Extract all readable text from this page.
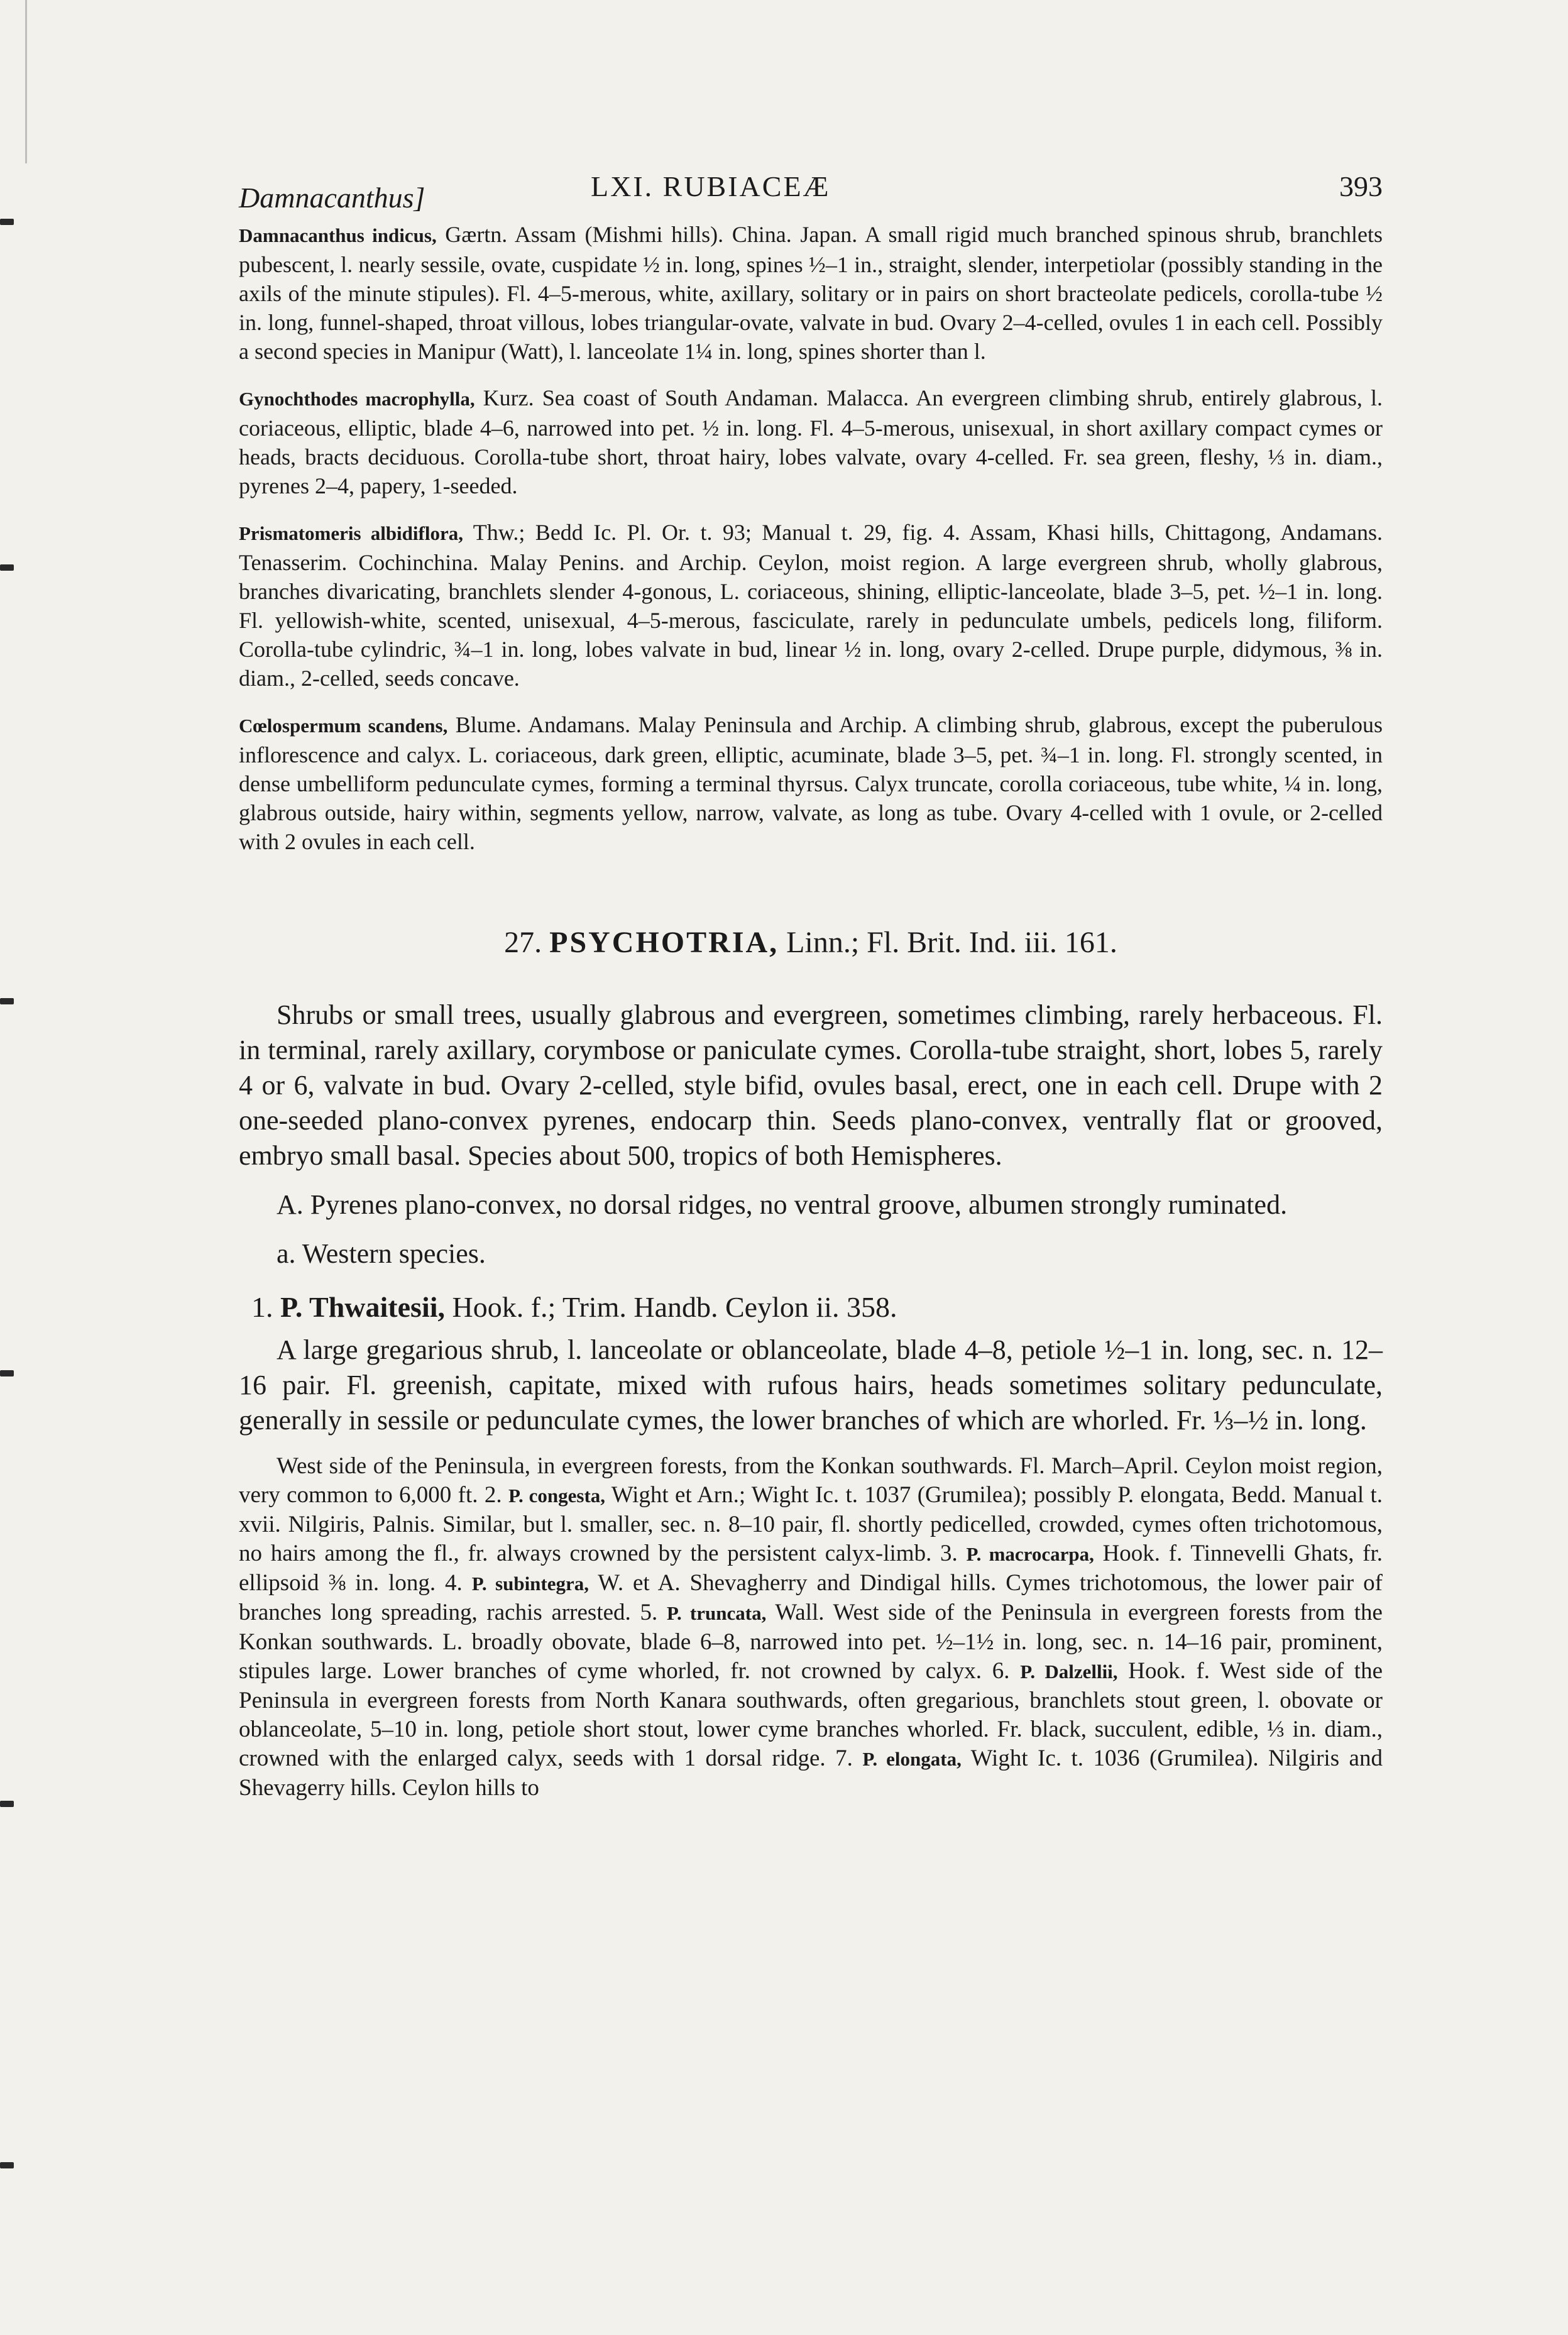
Damnacanthus]	LXI. RUBIACEÆ	393

Damnacanthus indicus, Gærtn. Assam (Mishmi hills). China. Japan. A small rigid much branched spinous shrub, branchlets pubescent, l. nearly sessile, ovate, cuspidate ½ in. long, spines ½–1 in., straight, slender, interpetiolar (possibly standing in the axils of the minute stipules). Fl. 4–5-merous, white, axillary, solitary or in pairs on short bracteolate pedicels, corolla-tube ½ in. long, funnel-shaped, throat villous, lobes triangular-ovate, valvate in bud. Ovary 2–4-celled, ovules 1 in each cell. Possibly a second species in Manipur (Watt), l. lanceolate 1¼ in. long, spines shorter than l.

Gynochthodes macrophylla, Kurz. Sea coast of South Andaman. Malacca. An evergreen climbing shrub, entirely glabrous, l. coriaceous, elliptic, blade 4–6, narrowed into pet. ½ in. long. Fl. 4–5-merous, unisexual, in short axillary compact cymes or heads, bracts deciduous. Corolla-tube short, throat hairy, lobes valvate, ovary 4-celled. Fr. sea green, fleshy, ⅓ in. diam., pyrenes 2–4, papery, 1-seeded.

Prismatomeris albidiflora, Thw.; Bedd Ic. Pl. Or. t. 93; Manual t. 29, fig. 4. Assam, Khasi hills, Chittagong, Andamans. Tenasserim. Cochinchina. Malay Penins. and Archip. Ceylon, moist region. A large evergreen shrub, wholly glabrous, branches divaricating, branchlets slender 4-gonous, L. coriaceous, shining, elliptic-lanceolate, blade 3–5, pet. ½–1 in. long. Fl. yellowish-white, scented, unisexual, 4–5-merous, fasciculate, rarely in pedunculate umbels, pedicels long, filiform. Corolla-tube cylindric, ¾–1 in. long, lobes valvate in bud, linear ½ in. long, ovary 2-celled. Drupe purple, didymous, ⅜ in. diam., 2-celled, seeds concave.

Cœlospermum scandens, Blume. Andamans. Malay Peninsula and Archip. A climbing shrub, glabrous, except the puberulous inflorescence and calyx. L. coriaceous, dark green, elliptic, acuminate, blade 3–5, pet. ¾–1 in. long. Fl. strongly scented, in dense umbelliform pedunculate cymes, forming a terminal thyrsus. Calyx truncate, corolla coriaceous, tube white, ¼ in. long, glabrous outside, hairy within, segments yellow, narrow, valvate, as long as tube. Ovary 4-celled with 1 ovule, or 2-celled with 2 ovules in each cell.

27. PSYCHOTRIA, Linn.; Fl. Brit. Ind. iii. 161.

Shrubs or small trees, usually glabrous and evergreen, sometimes climbing, rarely herbaceous. Fl. in terminal, rarely axillary, corymbose or paniculate cymes. Corolla-tube straight, short, lobes 5, rarely 4 or 6, valvate in bud. Ovary 2-celled, style bifid, ovules basal, erect, one in each cell. Drupe with 2 one-seeded plano-convex pyrenes, endocarp thin. Seeds plano-convex, ventrally flat or grooved, embryo small basal. Species about 500, tropics of both Hemispheres.

A. Pyrenes plano-convex, no dorsal ridges, no ventral groove, albumen strongly ruminated.

a. Western species.

1. P. Thwaitesii, Hook. f.; Trim. Handb. Ceylon ii. 358.

A large gregarious shrub, l. lanceolate or oblanceolate, blade 4–8, petiole ½–1 in. long, sec. n. 12–16 pair. Fl. greenish, capitate, mixed with rufous hairs, heads sometimes solitary pedunculate, generally in sessile or pedunculate cymes, the lower branches of which are whorled. Fr. ⅓–½ in. long.

West side of the Peninsula, in evergreen forests, from the Konkan southwards. Fl. March–April. Ceylon moist region, very common to 6,000 ft. 2. P. congesta, Wight et Arn.; Wight Ic. t. 1037 (Grumilea); possibly P. elongata, Bedd. Manual t. xvii. Nilgiris, Palnis. Similar, but l. smaller, sec. n. 8–10 pair, fl. shortly pedicelled, crowded, cymes often trichotomous, no hairs among the fl., fr. always crowned by the persistent calyx-limb. 3. P. macrocarpa, Hook. f. Tinnevelli Ghats, fr. ellipsoid ⅜ in. long. 4. P. subintegra, W. et A. Shevagherry and Dindigal hills. Cymes trichotomous, the lower pair of branches long spreading, rachis arrested. 5. P. truncata, Wall. West side of the Peninsula in evergreen forests from the Konkan southwards. L. broadly obovate, blade 6–8, narrowed into pet. ½–1½ in. long, sec. n. 14–16 pair, prominent, stipules large. Lower branches of cyme whorled, fr. not crowned by calyx. 6. P. Dalzellii, Hook. f. West side of the Peninsula in evergreen forests from North Kanara southwards, often gregarious, branchlets stout green, l. obovate or oblanceolate, 5–10 in. long, petiole short stout, lower cyme branches whorled. Fr. black, succulent, edible, ⅓ in. diam., crowned with the enlarged calyx, seeds with 1 dorsal ridge. 7. P. elongata, Wight Ic. t. 1036 (Grumilea). Nilgiris and Shevagerry hills. Ceylon hills to
